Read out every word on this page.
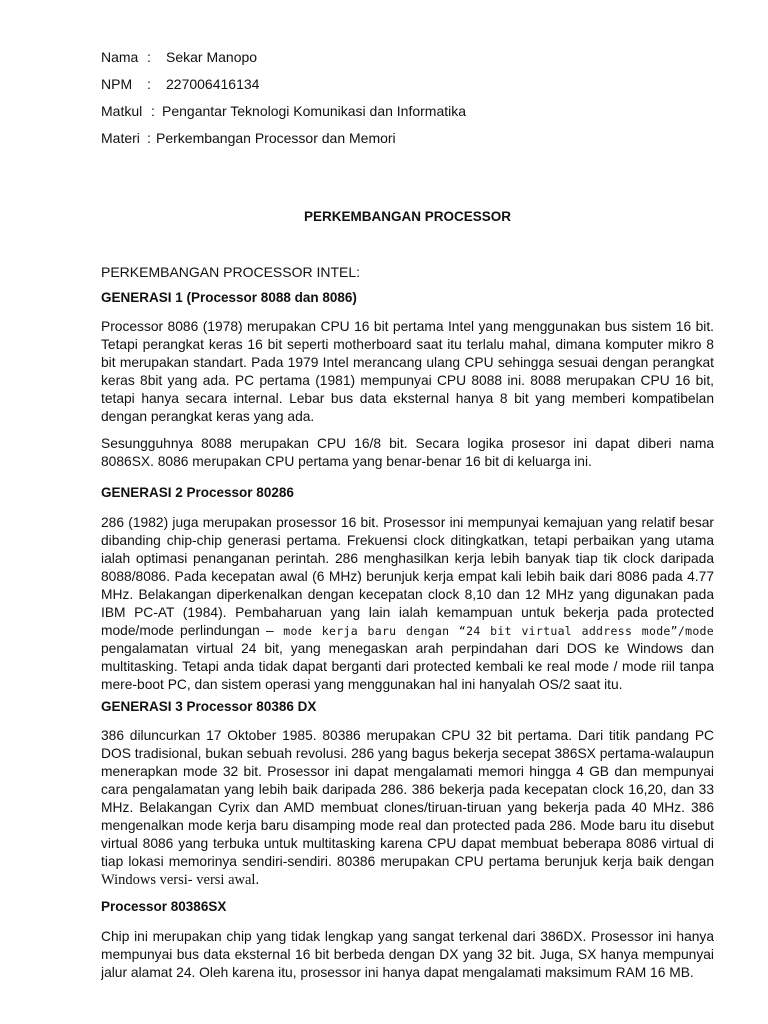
Nama : Sekar Manopo
NPM : 227006416134
Matkul : Pengantar Teknologi Komunikasi dan Informatika
Materi : Perkembangan Processor dan Memori
PERKEMBANGAN PROCESSOR
PERKEMBANGAN PROCESSOR INTEL:
GENERASI 1 (Processor 8088 dan 8086)

Processor 8086 (1978) merupakan CPU 16 bit pertama Intel yang menggunakan bus sistem 16 bit. Tetapi perangkat keras 16 bit seperti motherboard saat itu terlalu mahal, dimana komputer mikro 8 bit merupakan standart. Pada 1979 Intel merancang ulang CPU sehingga sesuai dengan perangkat keras 8bit yang ada. PC pertama (1981) mempunyai CPU 8088 ini. 8088 merupakan CPU 16 bit, tetapi hanya secara internal. Lebar bus data eksternal hanya 8 bit yang memberi kompatibelan dengan perangkat keras yang ada.

Sesungguhnya 8088 merupakan CPU 16/8 bit. Secara logika prosesor ini dapat diberi nama 8086SX. 8086 merupakan CPU pertama yang benar-benar 16 bit di keluarga ini.

GENERASI 2 Processor 80286

286 (1982) juga merupakan prosessor 16 bit. Prosessor ini mempunyai kemajuan yang relatif besar dibanding chip-chip generasi pertama. Frekuensi clock ditingkatkan, tetapi perbaikan yang utama ialah optimasi penanganan perintah. 286 menghasilkan kerja lebih banyak tiap tik clock daripada 8088/8086. Pada kecepatan awal (6 MHz) berunjuk kerja empat kali lebih baik dari 8086 pada 4.77 MHz. Belakangan diperkenalkan dengan kecepatan clock 8,10 dan 12 MHz yang digunakan pada IBM PC-AT (1984). Pembaharuan yang lain ialah kemampuan untuk bekerja pada protected mode/mode perlindungan – mode kerja baru dengan “24 bit virtual address mode”/mode pengalamatan virtual 24 bit, yang menegaskan arah perpindahan dari DOS ke Windows dan multitasking. Tetapi anda tidak dapat berganti dari protected kembali ke real mode / mode riil tanpa mere-boot PC, dan sistem operasi yang menggunakan hal ini hanyalah OS/2 saat itu.

GENERASI 3 Processor 80386 DX

386 diluncurkan 17 Oktober 1985. 80386 merupakan CPU 32 bit pertama. Dari titik pandang PC DOS tradisional, bukan sebuah revolusi. 286 yang bagus bekerja secepat 386SX pertama-walaupun menerapkan mode 32 bit. Prosessor ini dapat mengalamati memori hingga 4 GB dan mempunyai cara pengalamatan yang lebih baik daripada 286. 386 bekerja pada kecepatan clock 16,20, dan 33 MHz. Belakangan Cyrix dan AMD membuat clones/tiruan-tiruan yang bekerja pada 40 MHz. 386 mengenalkan mode kerja baru disamping mode real dan protected pada 286. Mode baru itu disebut virtual 8086 yang terbuka untuk multitasking karena CPU dapat membuat beberapa 8086 virtual di tiap lokasi memorinya sendiri-sendiri. 80386 merupakan CPU pertama berunjuk kerja baik dengan Windows versi- versi awal.

Processor 80386SX

Chip ini merupakan chip yang tidak lengkap yang sangat terkenal dari 386DX. Prosessor ini hanya mempunyai bus data eksternal 16 bit berbeda dengan DX yang 32 bit. Juga, SX hanya mempunyai jalur alamat 24. Oleh karena itu, prosessor ini hanya dapat mengalamati maksimum RAM 16 MB.
